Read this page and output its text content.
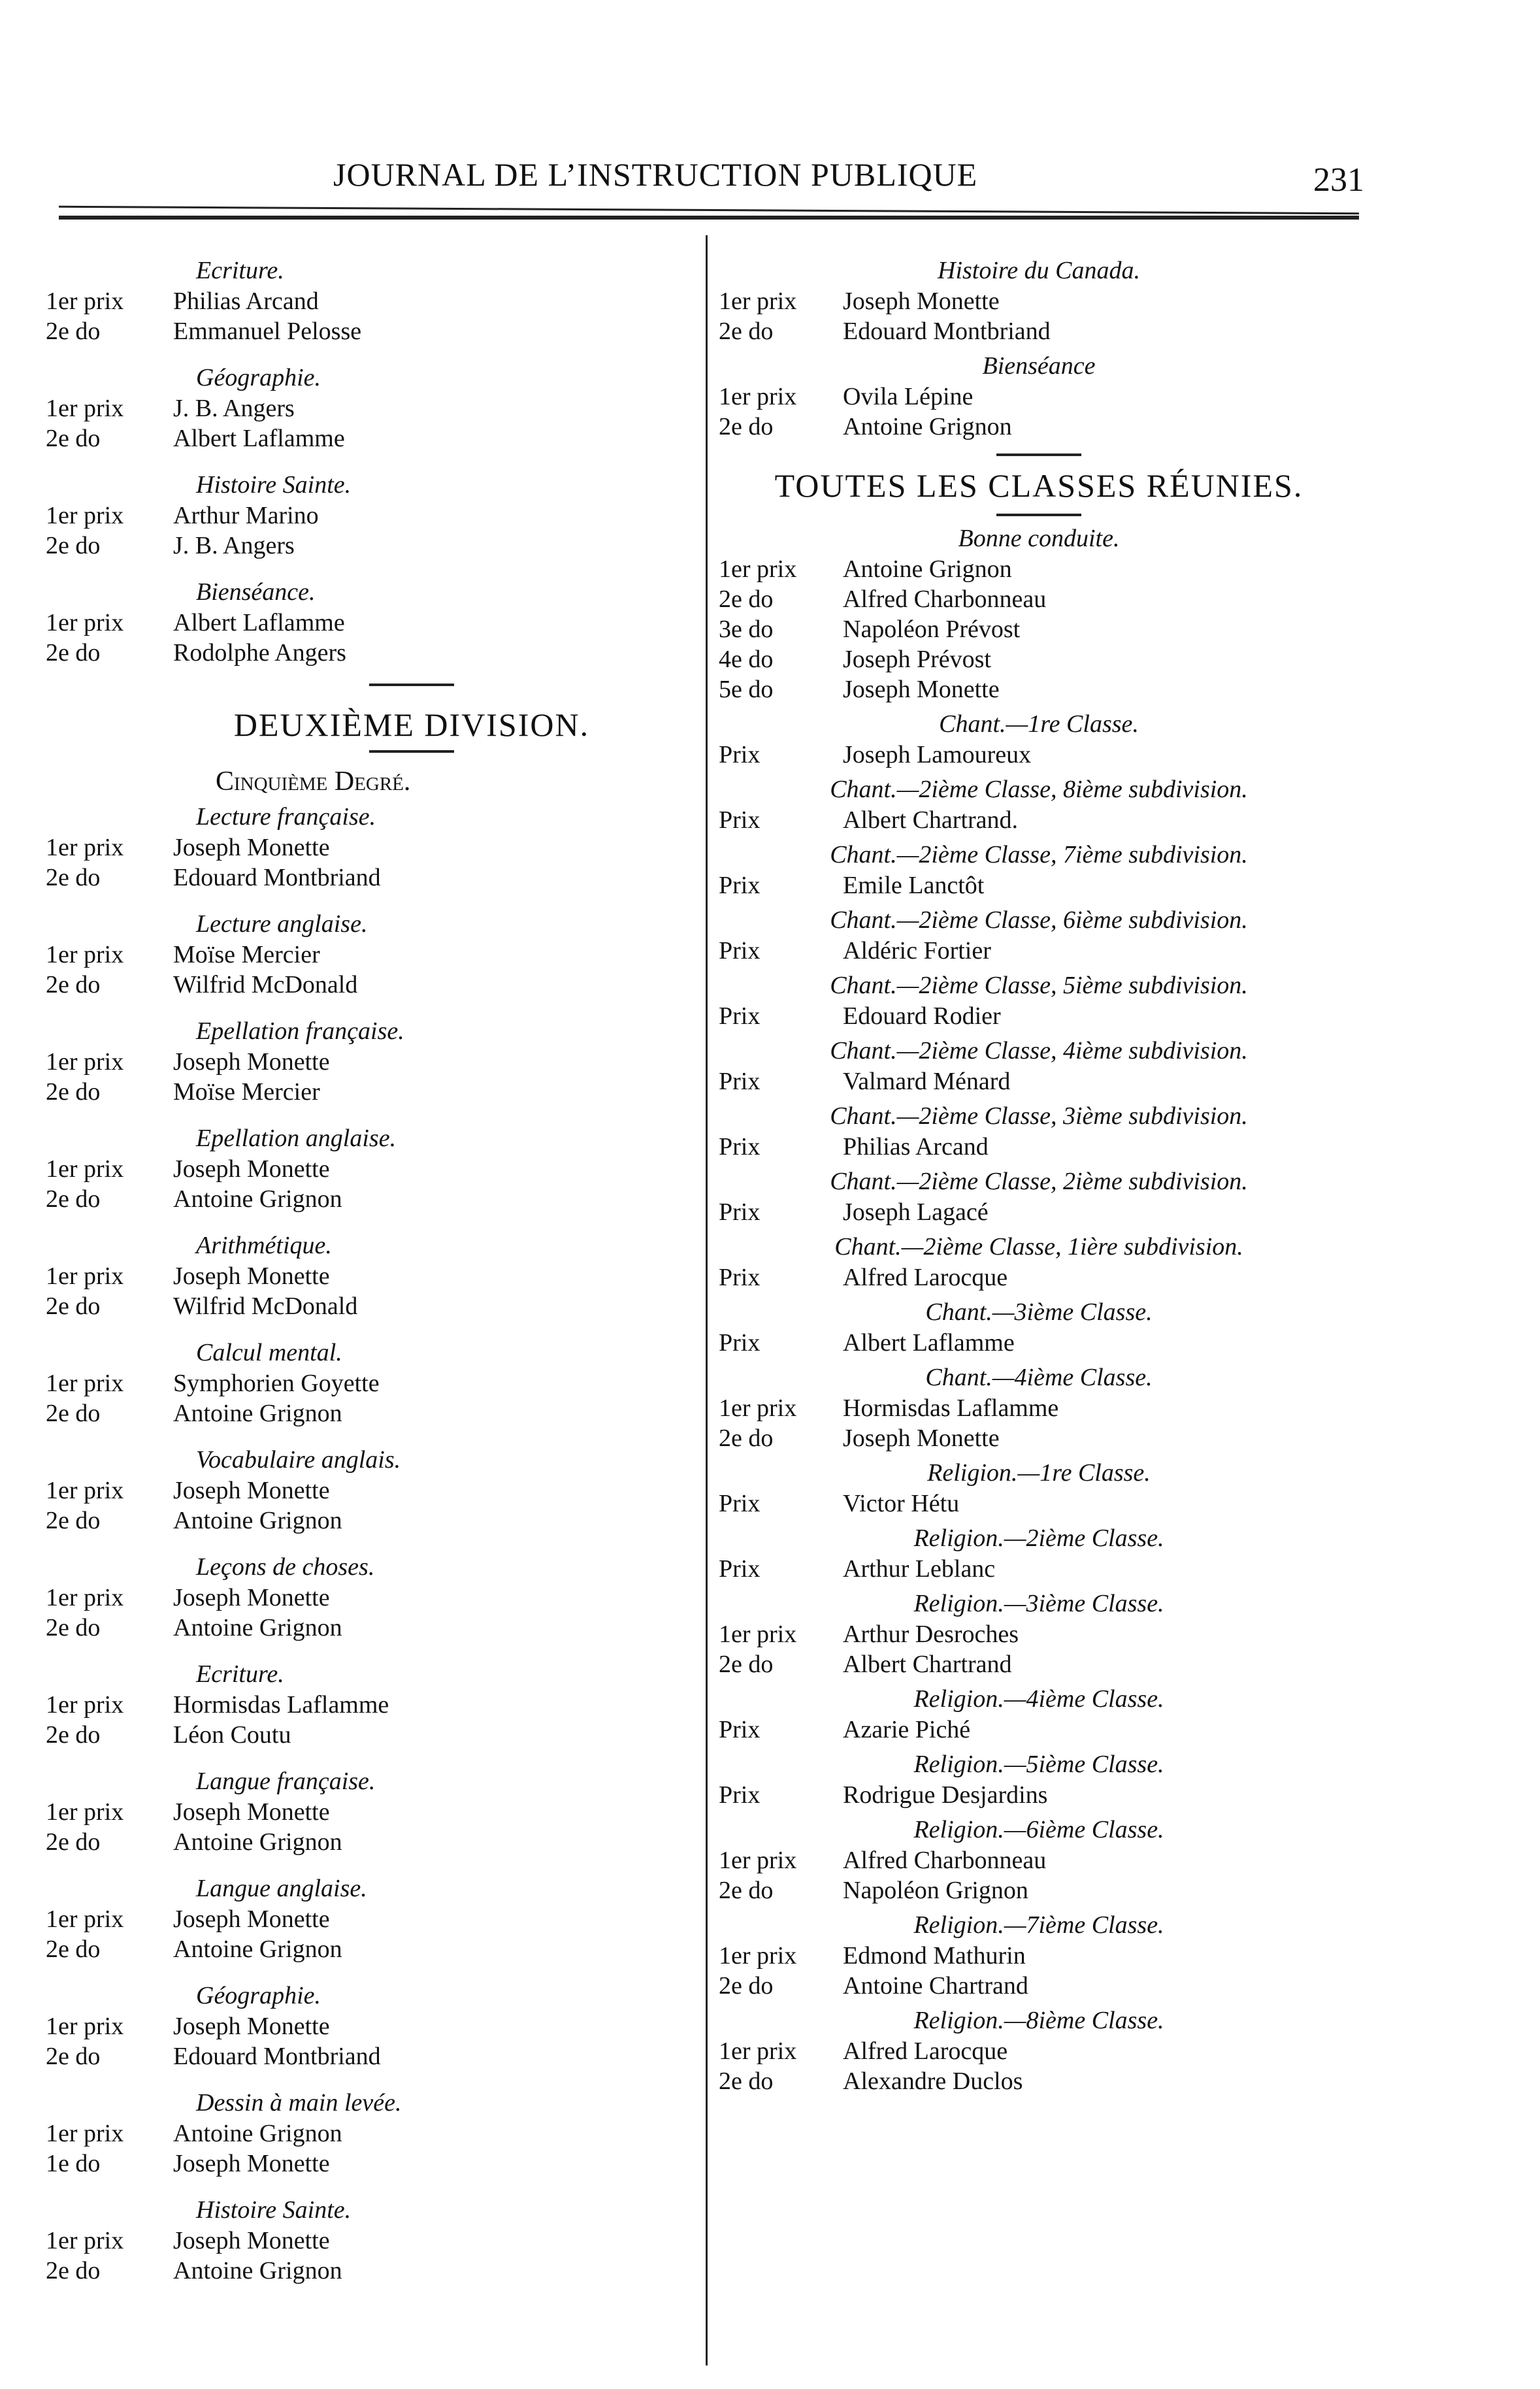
JOURNAL DE L’INSTRUCTION PUBLIQUE	231
Ecriture.
1er prix	Philias Arcand
2e do	Emmanuel Pelosse
Géographie.
1er prix	J. B. Angers
2e do	Albert Laflamme
Histoire Sainte.
1er prix	Arthur Marino
2e do	J. B. Angers
Bienséance.
1er prix	Albert Laflamme
2e do	Rodolphe Angers
DEUXIÈME DIVISION.
Cinquième Degré.
Lecture française.
1er prix	Joseph Monette
2e do	Edouard Montbriand
Lecture anglaise.
1er prix	Moïse Mercier
2e do	Wilfrid McDonald
Epellation française.
1er prix	Joseph Monette
2e do	Moïse Mercier
Epellation anglaise.
1er prix	Joseph Monette
2e do	Antoine Grignon
Arithmétique.
1er prix	Joseph Monette
2e do	Wilfrid McDonald
Calcul mental.
1er prix	Symphorien Goyette
2e do	Antoine Grignon
Vocabulaire anglais.
1er prix	Joseph Monette
2e do	Antoine Grignon
Leçons de choses.
1er prix	Joseph Monette
2e do	Antoine Grignon
Ecriture.
1er prix	Hormisdas Laflamme
2e do	Léon Coutu
Langue française.
1er prix	Joseph Monette
2e do	Antoine Grignon
Langue anglaise.
1er prix	Joseph Monette
2e do	Antoine Grignon
Géographie.
1er prix	Joseph Monette
2e do	Edouard Montbriand
Dessin à main levée.
1er prix	Antoine Grignon
1e do	Joseph Monette
Histoire Sainte.
1er prix	Joseph Monette
2e do	Antoine Grignon
Histoire du Canada.
1er prix	Joseph Monette
2e do	Edouard Montbriand
Bienséance
1er prix	Ovila Lépine
2e do	Antoine Grignon
TOUTES LES CLASSES RÉUNIES.
Bonne conduite.
1er prix	Antoine Grignon
2e do	Alfred Charbonneau
3e do	Napoléon Prévost
4e do	Joseph Prévost
5e do	Joseph Monette
Chant.—1re Classe.
Prix	Joseph Lamoureux
Chant.—2ième Classe, 8ième subdivision.
Prix	Albert Chartrand.
Chant.—2ième Classe, 7ième subdivision.
Prix	Emile Lanctôt
Chant.—2ième Classe, 6ième subdivision.
Prix	Aldéric Fortier
Chant.—2ième Classe, 5ième subdivision.
Prix	Edouard Rodier
Chant.—2ième Classe, 4ième subdivision.
Prix	Valmard Ménard
Chant.—2ième Classe, 3ième subdivision.
Prix	Philias Arcand
Chant.—2ième Classe, 2ième subdivision.
Prix	Joseph Lagacé
Chant.—2ième Classe, 1ière subdivision.
Prix	Alfred Larocque
Chant.—3ième Classe.
Prix	Albert Laflamme
Chant.—4ième Classe.
1er prix	Hormisdas Laflamme
2e do	Joseph Monette
Religion.—1re Classe.
Prix	Victor Hétu
Religion.—2ième Classe.
Prix	Arthur Leblanc
Religion.—3ième Classe.
1er prix	Arthur Desroches
2e do	Albert Chartrand
Religion.—4ième Classe.
Prix	Azarie Piché
Religion.—5ième Classe.
Prix	Rodrigue Desjardins
Religion.—6ième Classe.
1er prix	Alfred Charbonneau
2e do	Napoléon Grignon
Religion.—7ième Classe.
1er prix	Edmond Mathurin
2e do	Antoine Chartrand
Religion.—8ième Classe.
1er prix	Alfred Larocque
2e do	Alexandre Duclos
